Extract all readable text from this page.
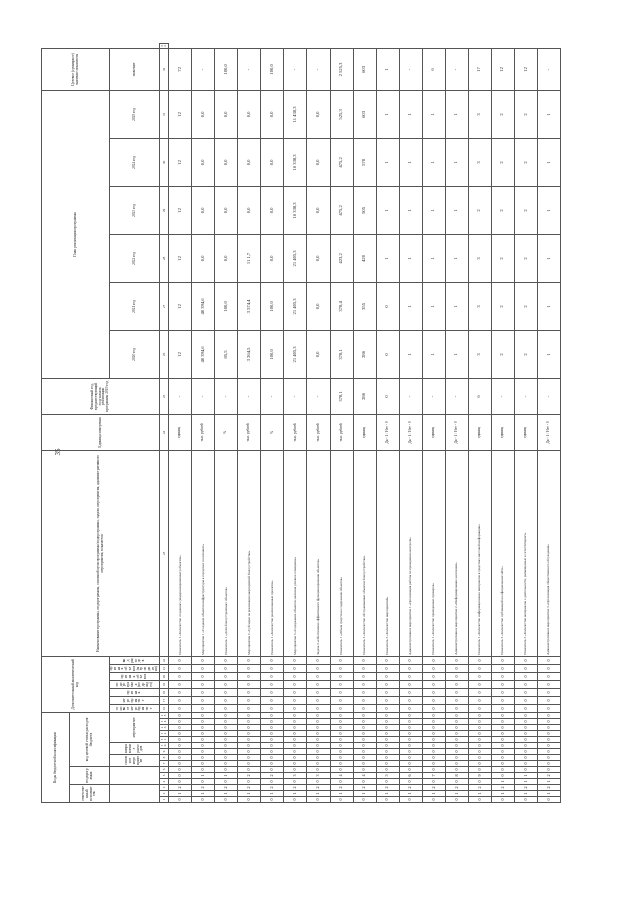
35
Коды бюджетной классификации															Дополнительный аналитический код							Наименование программы, подпрограммы, основной цели программы/подпрограммы, задачи, мероприятия, административного мероприятия, показателя	Единица измерения	Финансовый год, предшествующий году начала реализации программы 2019 год	План реализации программы						Целевое (суммарное) значение показателя	
ответственный исполнитель			подпрограмма			код целевой статьи расходов бюджета																										
						основное мероприятие		направление расходов		мероприятие					основное мероприятие	мероприятие	признак	подпрограмма (подраздел)	признак объекта	признак объекта (мероприятия)	вид расходов				2020 год	2021 год	2022 год	2023 год	2024 год	2025 год	значение	
1	2	3	4	5	6	7	8	9	10	11	12	13	14	15	16	17	18	19	20	21	22	23	24	25	26	27	28	29	30	31	32	33
0	1	2	0	0	0	0	0	0	0	0	0	0	0	0	0	0	0	0	0	0	0	Показатель 1 «Количество созданных (модернизированных) объектов»	единиц	-	12	12	12	12	12	12	72	
0	1	2	0	1	0	0	0	0	0	0	0	0	0	0	0	0	0	0	0	0	0	Мероприятие 1 «Создание объектов инфраструктуры в городских поселениях»	тыс. рублей	-	40 394,6	40 394,6	0,0	0,0	0,0	0,0	-	
0	1	2	0	1	0	0	0	0	0	0	0	0	0	0	0	0	0	0	0	0	0	Показатель 1 «Доля благоустроенных объектов»	%	-	85,5	100,0	0,0	0,0	0,0	0,0	100,0	
0	1	2	0	2	0	0	0	0	0	0	0	0	0	0	0	0	0	0	0	0	0	Мероприятие 2 «Субсидии на реализацию мероприятий благоустройства»	тыс. рублей	-	3 264,5	3 574,4	11 1,7	0,0	0,0	0,0	-	
0	1	2	0	2	0	0	0	0	0	0	0	0	0	0	0	0	0	0	0	0	0	Показатель 1 «Количество реализованных проектов»	%	-	100,0	100,0	0,0	0,0	0,0	0,0	100,0	
0	1	2	0	3	0	0	0	0	0	0	0	0	0	0	0	0	0	0	0	0	0	Мероприятие 3 «Содержание объектов, включая уличное освещение»	тыс. рублей	-	21 405,3	21 405,3	21 405,3	16 338,3	16 338,3	11 438,3	-	
0	1	2	0	3	0	0	0	0	0	0	0	0	0	0	0	0	0	0	0	0	0	Задача 3 «Обеспечение эффективного функционирования объектов»	тыс. рублей	-	0,0	0,0	0,0	0,0	0,0	0,0	-	
0	1	2	0	4	0	0	0	0	0	0	0	0	0	0	0	0	0	0	0	0	0	Показатель 1 «Объем средств на содержание объектов»	тыс. рублей	378,1	378,1	378,4	423,2	475,2	475,2	525,3	2 525,3	
0	1	2	0	4	0	0	0	0	0	0	0	0	0	0	0	0	0	0	0	0	0	Показатель 2 «Количество обслуживаемых объектов благоустройства»	единиц	286	286	355	420	505	578	603	603	
0	1	2	0	5	0	0	0	0	0	0	0	0	0	0	0	0	0	0	0	0	0	Показатель 3 «Количество мероприятий»	Да - 1 / Нет - 0	0	0	0	1	1	1	1	1	
0	1	2	0	6	0	0	0	0	0	0	0	0	0	0	0	0	0	0	0	0	0	Административное мероприятие 1 «Организация работы по проведению контроля»	Да - 1 / Нет - 0	-	1	1	1	1	1	1	-	
0	1	2	0	7	0	0	0	0	0	0	0	0	0	0	0	0	0	0	0	0	0	Показатель 1 «Количество проведенных проверок»	единиц	-	1	1	1	1	1	1	6	
0	1	2	0	8	0	0	0	0	0	0	0	0	0	0	0	0	0	0	0	0	0	Административное мероприятие 2 «Информирование населения»	Да - 1 / Нет - 0	-	1	1	1	1	1	1	-	
0	1	2	0	9	0	0	0	0	0	0	0	0	0	0	0	0	0	0	0	0	0	Показатель 1 «Количество информационных материалов в средствах массовой информации»	единиц	6	3	3	3	2	3	3	17	
0	1	2	1	0	0	0	0	0	0	0	0	0	0	0	0	0	0	0	0	0	0	Показатель 2 «Количество публикаций на официальном сайте»	единиц	-	2	2	2	2	2	2	12	
0	1	2	1	1	0	0	0	0	0	0	0	0	0	0	0	0	0	0	0	0	0	Показатель 3 «Количество материалов о деятельности, размещенных в сети Интернет»	единиц	-	2	2	2	2	2	2	12	
0	1	2	1	2	0	0	0	0	0	0	0	0	0	0	0	0	0	0	0	0	0	Административное мероприятие 3 «Организация общественного обсуждения»	Да - 1 / Нет - 0	-	1	1	1	1	1	1	-	
